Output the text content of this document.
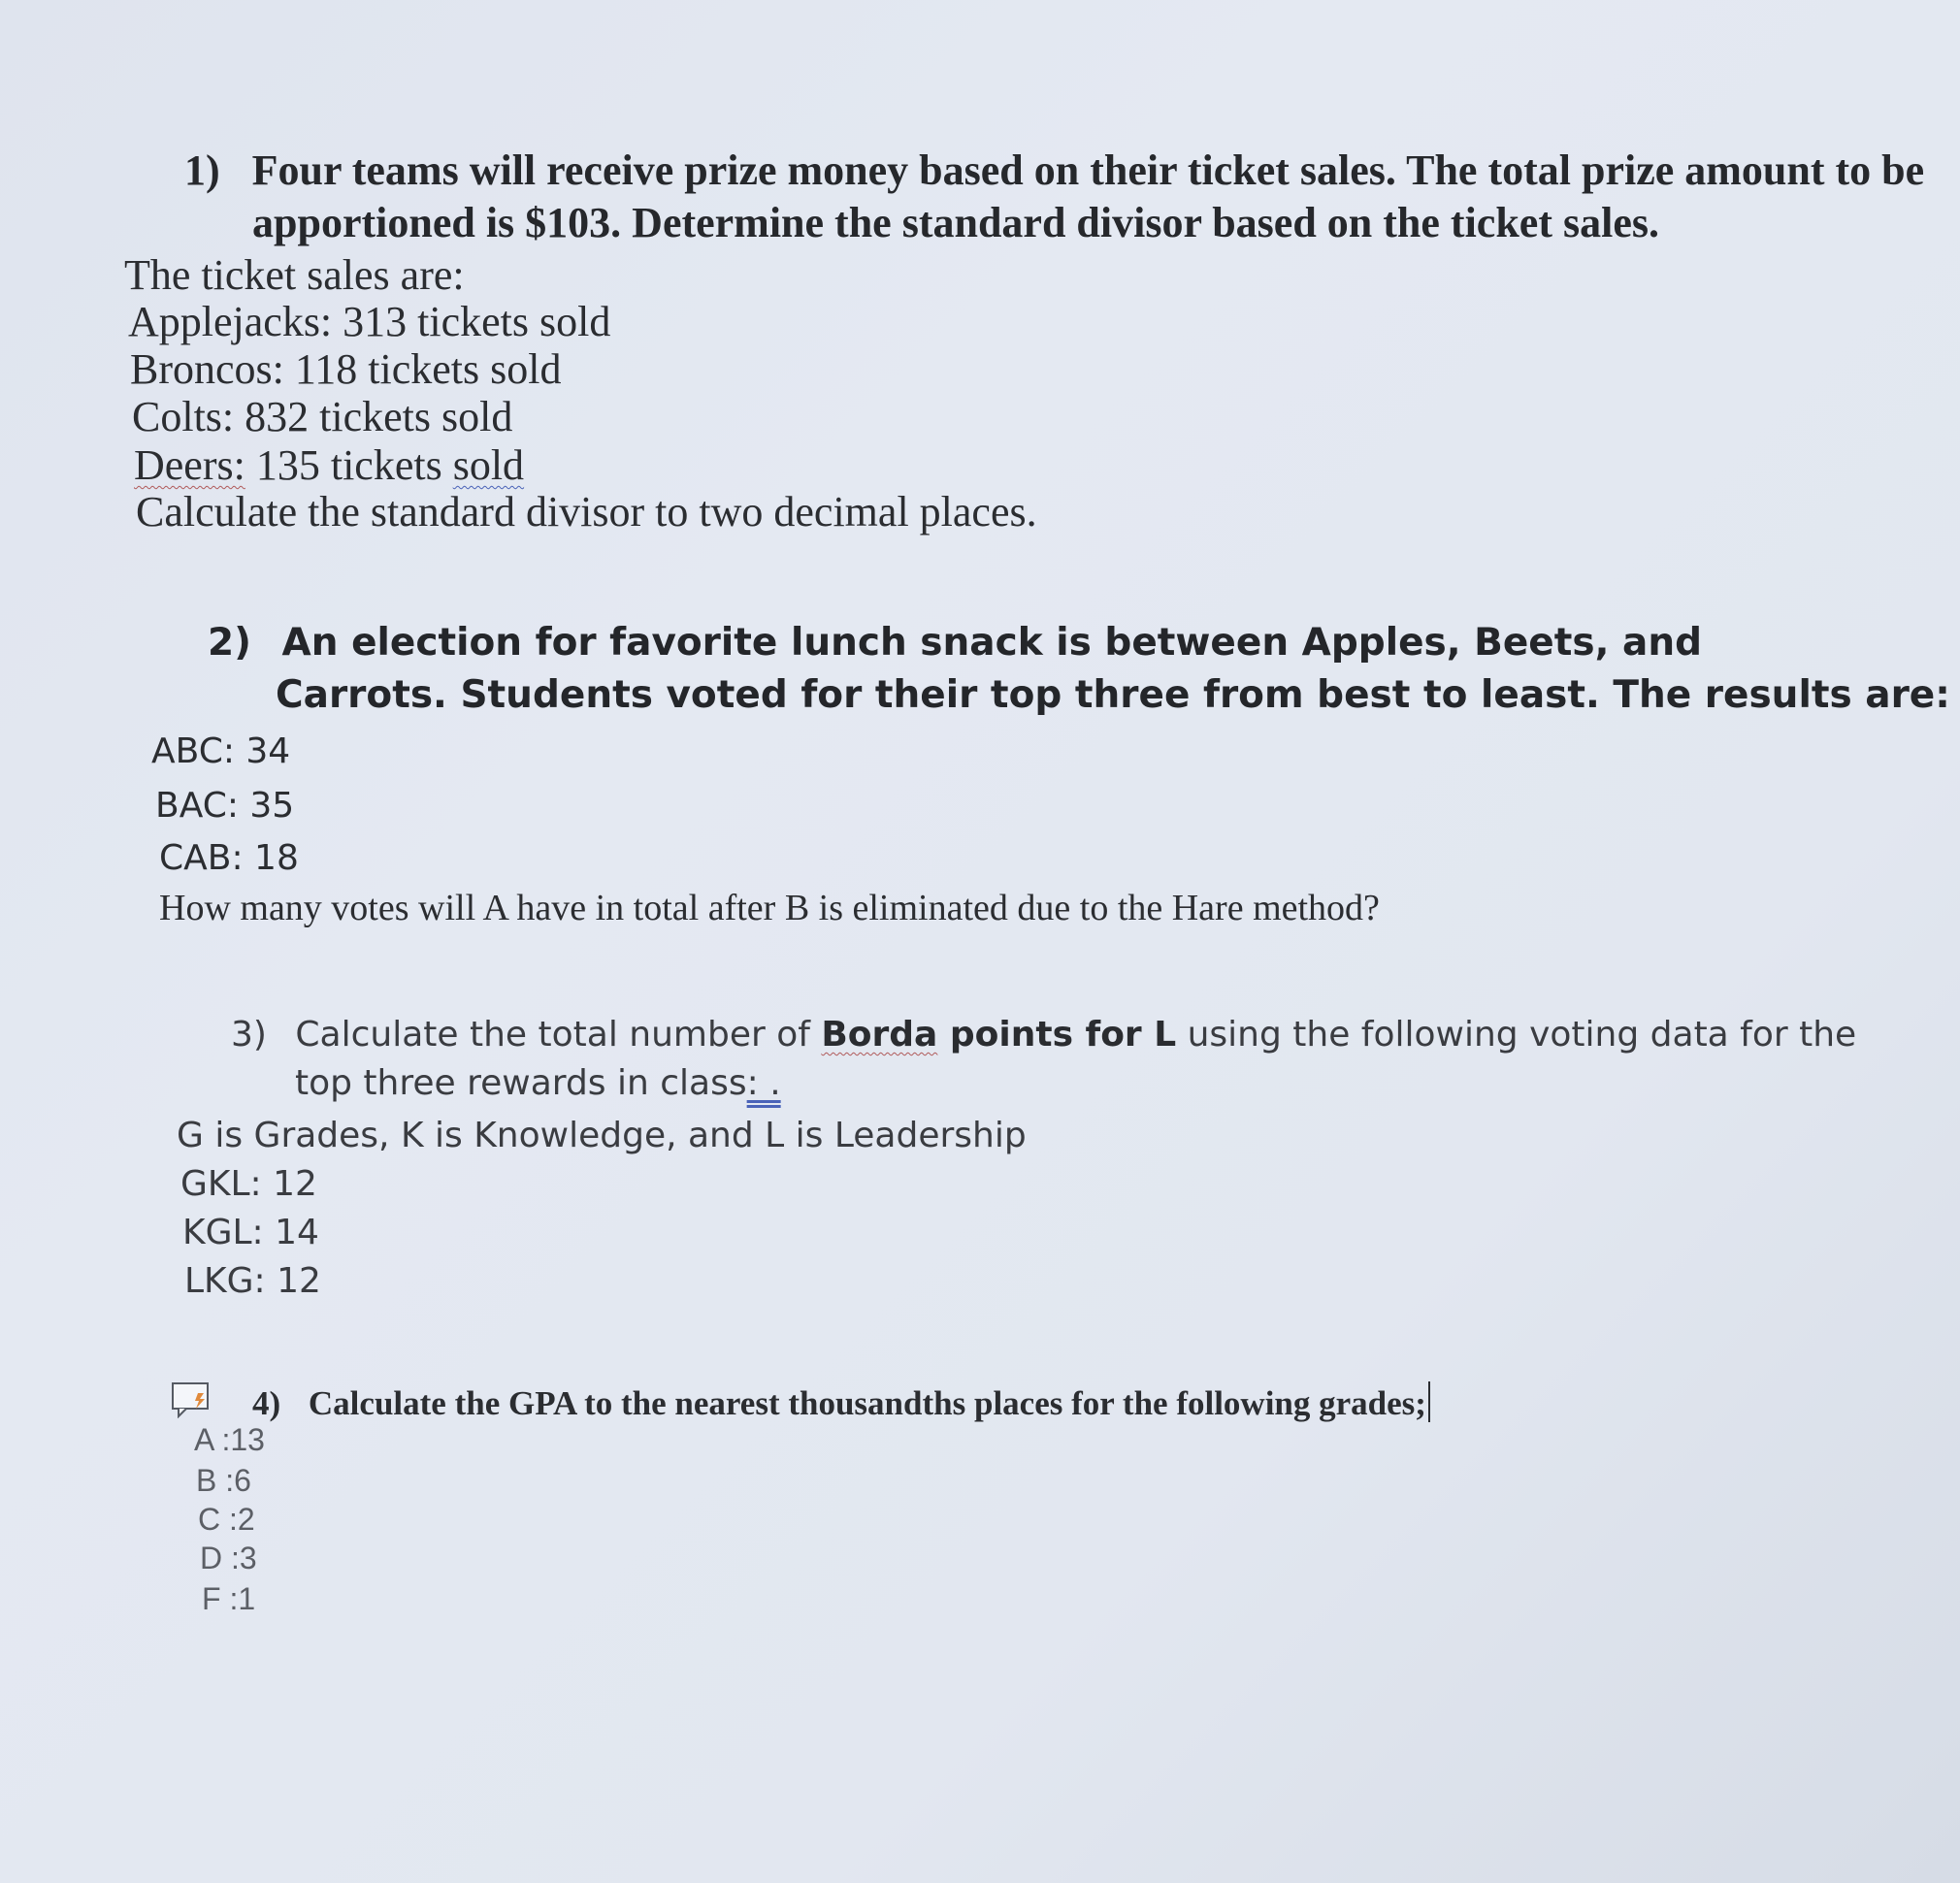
1) Four teams will receive prize money based on their ticket sales. The total prize amount to be
apportioned is $103. Determine the standard divisor based on the ticket sales.
The ticket sales are:
Applejacks: 313 tickets sold
Broncos: 118 tickets sold
Colts: 832 tickets sold
Deers: 135 tickets sold
Calculate the standard divisor to two decimal places.
2) An election for favorite lunch snack is between Apples, Beets, and
Carrots. Students voted for their top three from best to least. The results are:
ABC: 34
BAC: 35
CAB: 18
How many votes will A have in total after B is eliminated due to the Hare method?
3) Calculate the total number of Borda points for L using the following voting data for the
top three rewards in class: .
G is Grades, K is Knowledge, and L is Leadership
GKL: 12
KGL: 14
LKG: 12
4) Calculate the GPA to the nearest thousandths places for the following grades;
A :13
B :6
C :2
D :3
F :1
